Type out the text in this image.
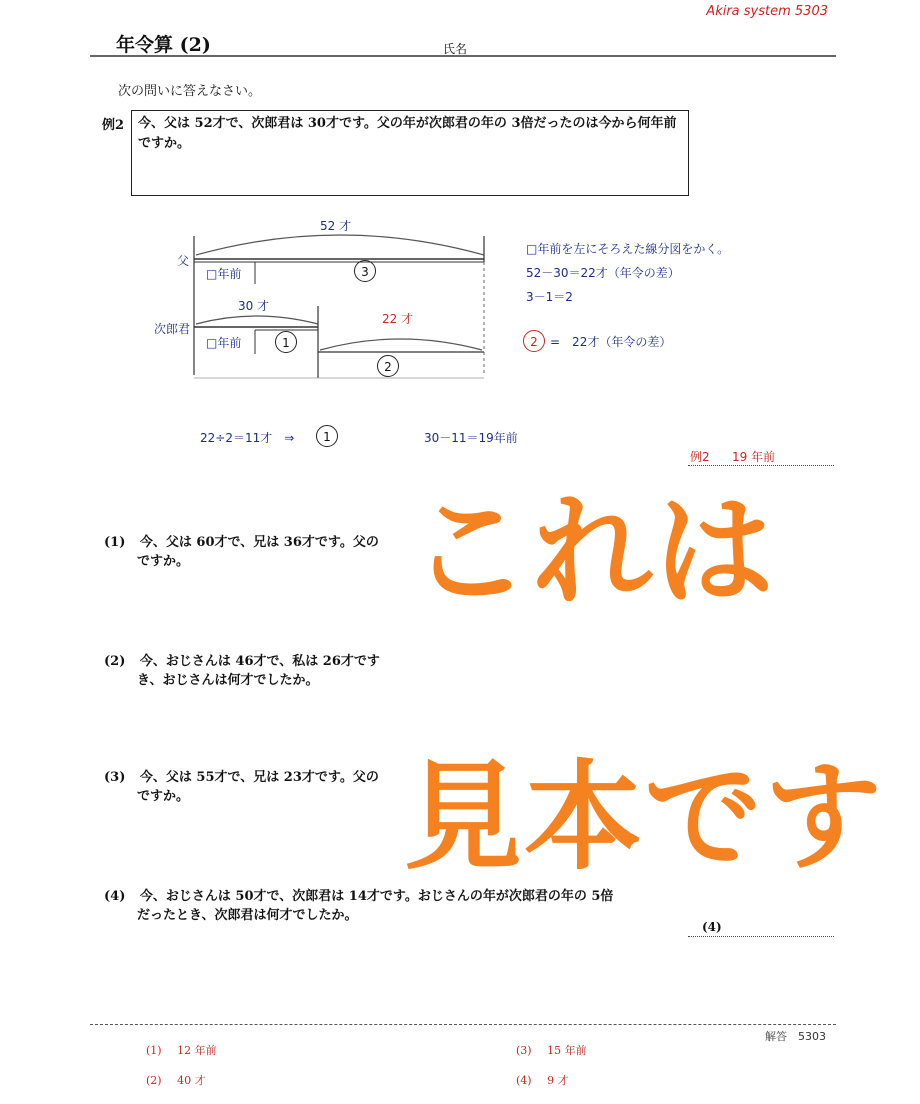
Akira system 5303
年令算 (2)	氏名
次の問いに答えなさい。
例2 今、父は 52才で、次郎君は 30才です。父の年が次郎君の年の 3倍だったのは今から何年前ですか。
52 才
父
□年前	3
30 才
次郎君
□年前	1
22 才
2
□年前を左にそろえた線分図をかく。
52－30＝22才（年令の差）
3－1＝2
2	=　22才（年令の差）
22÷2＝11才　⇒	1	30－11＝19年前
例2 19 年前
(1) 今、父は 60才で、兄は 36才です。父の
ですか。
(2) 今、おじさんは 46才で、私は 26才です
き、おじさんは何才でしたか。
(3) 今、父は 55才で、兄は 23才です。父の
ですか。
(4) 今、おじさんは 50才で、次郎君は 14才です。おじさんの年が次郎君の年の 5倍
だったとき、次郎君は何才でしたか。
(4)
これは
見本です
解答　5303
(1) 12 年前	(3) 15 年前
(2) 40 才	(4) 9 才
